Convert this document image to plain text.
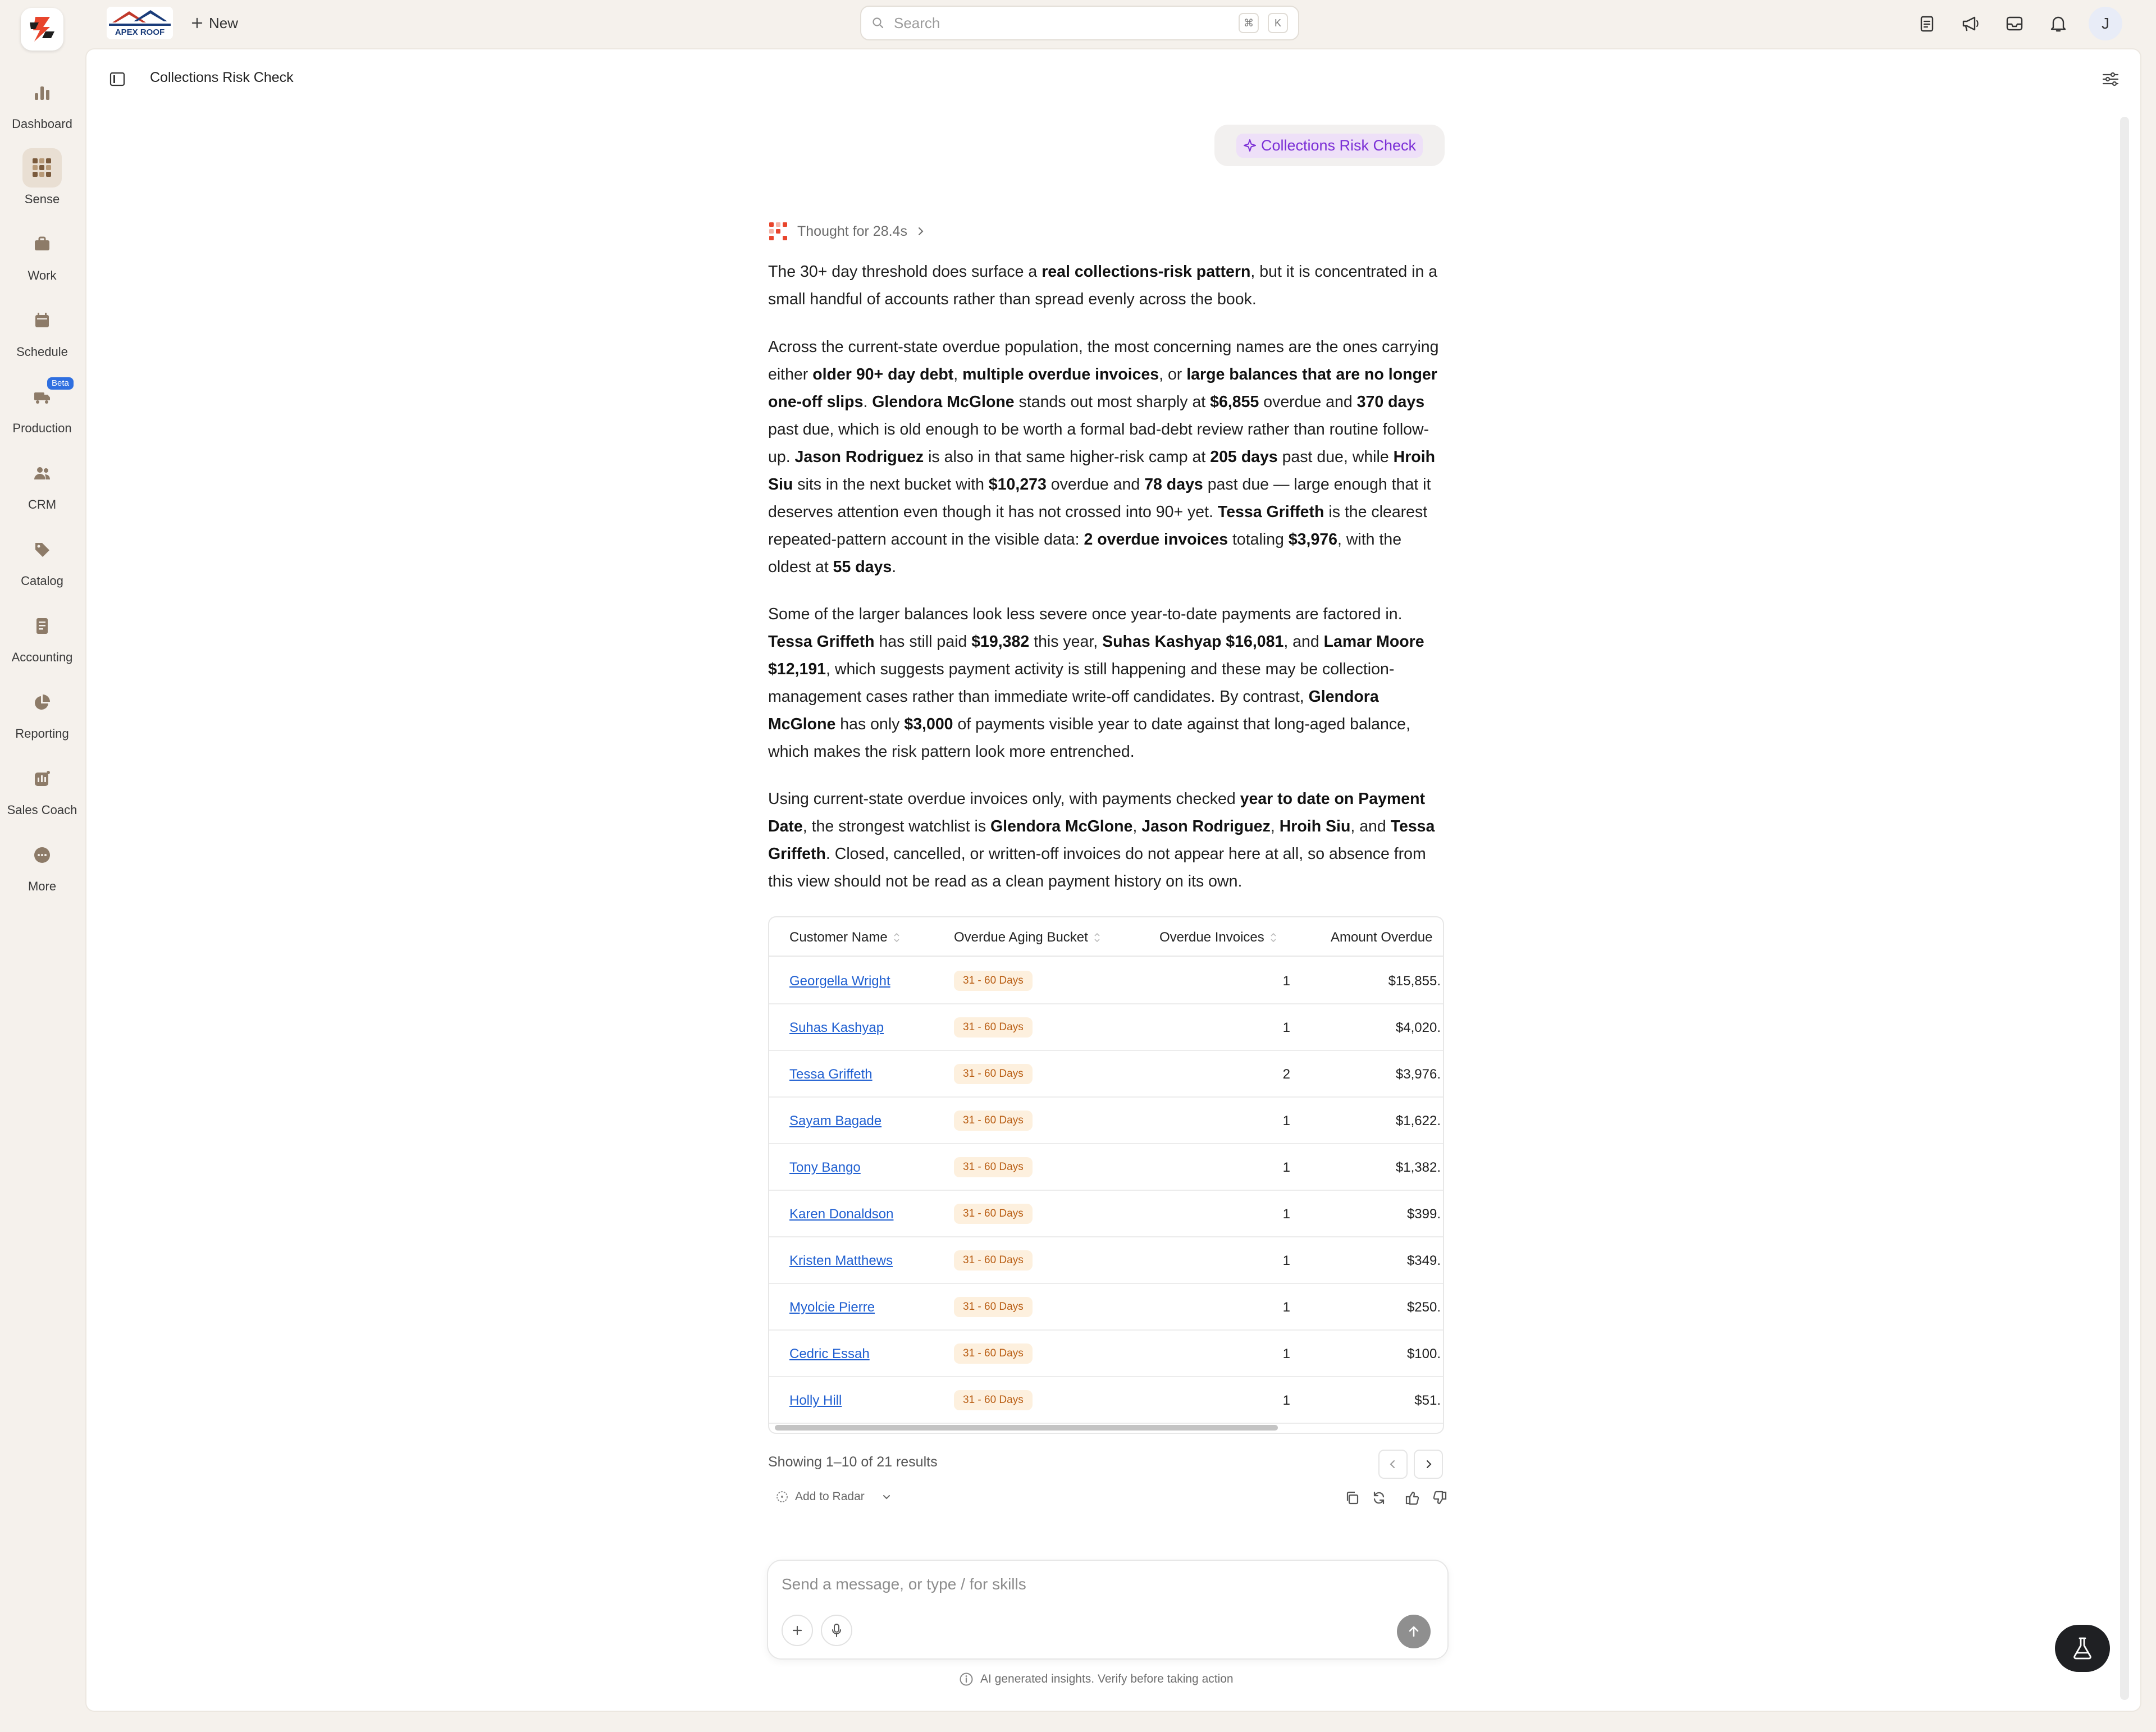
Dashboard
Sense
Work
Schedule
Beta
Production
CRM
Catalog
Accounting
Reporting
Sales Coach
More
APEX ROOF
New	Search	⌘	K	J
Collections Risk Check
Collections Risk Check
Thought for 28.4s
The 30+ day threshold does surface a real collections-risk pattern, but it is concentrated in a small handful of accounts rather than spread evenly across the book.
Across the current-state overdue population, the most concerning names are the ones carrying either older 90+ day debt, multiple overdue invoices, or large balances that are no longer one-off slips. Glendora McGlone stands out most sharply at $6,855 overdue and 370 days past due, which is old enough to be worth a formal bad-debt review rather than routine follow-up. Jason Rodriguez is also in that same higher-risk camp at 205 days past due, while Hroih Siu sits in the next bucket with $10,273 overdue and 78 days past due — large enough that it deserves attention even though it has not crossed into 90+ yet. Tessa Griffeth is the clearest repeated-pattern account in the visible data: 2 overdue invoices totaling $3,976, with the oldest at 55 days.
Some of the larger balances look less severe once year-to-date payments are factored in. Tessa Griffeth has still paid $19,382 this year, Suhas Kashyap $16,081, and Lamar Moore $12,191, which suggests payment activity is still happening and these may be collection-management cases rather than immediate write-off candidates. By contrast, Glendora McGlone has only $3,000 of payments visible year to date against that long-aged balance, which makes the risk pattern look more entrenched.
Using current-state overdue invoices only, with payments checked year to date on Payment Date, the strongest watchlist is Glendora McGlone, Jason Rodriguez, Hroih Siu, and Tessa Griffeth. Closed, cancelled, or written-off invoices do not appear here at all, so absence from this view should not be read as a clean payment history on its own.
Customer Name	Overdue Aging Bucket	Overdue Invoices	Amount Overdue
Georgella Wright	31 - 60 Days	1	$15,855.
Suhas Kashyap	31 - 60 Days	1	$4,020.
Tessa Griffeth	31 - 60 Days	2	$3,976.
Sayam Bagade	31 - 60 Days	1	$1,622.
Tony Bango	31 - 60 Days	1	$1,382.
Karen Donaldson	31 - 60 Days	1	$399.
Kristen Matthews	31 - 60 Days	1	$349.
Myolcie Pierre	31 - 60 Days	1	$250.
Cedric Essah	31 - 60 Days	1	$100.
Holly Hill	31 - 60 Days	1	$51.
Showing 1–10 of 21 results
Add to Radar
Send a message, or type / for skills
AI generated insights. Verify before taking action
